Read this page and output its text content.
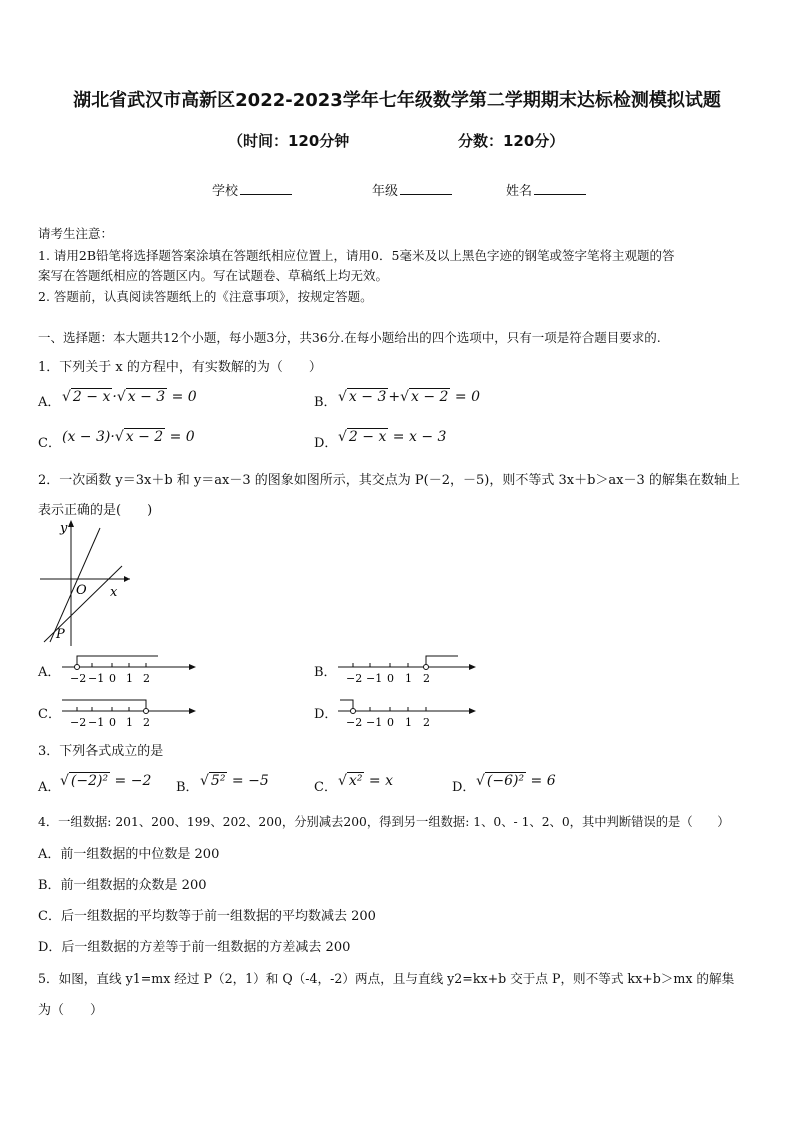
湖北省武汉市高新区2022-2023学年七年级数学第二学期期末达标检测模拟试题
（时间：120分钟	分数：120分）
学校	年级	姓名
请考生注意：
1. 请用2B铅笔将选择题答案涂填在答题纸相应位置上，请用0．5毫米及以上黑色字迹的钢笔或签字笔将主观题的答
案写在答题纸相应的答题区内。写在试题卷、草稿纸上均无效。
2. 答题前，认真阅读答题纸上的《注意事项》，按规定答题。
一、选择题：本大题共12个小题，每小题3分，共36分.在每小题给出的四个选项中，只有一项是符合题目要求的.
1．下列关于 x 的方程中，有实数解的为（　　）
A． √ 2 − x ·√ x − 3 = 0	B． √ x − 3 +√ x − 2 = 0
C． (x − 3)·√ x − 2 = 0	D． √ 2 − x = x − 3
2．一次函数 y＝3x＋b 和 y＝ax－3 的图象如图所示，其交点为 P(－2，－5)，则不等式 3x＋b＞ax－3 的解集在数轴上
表示正确的是(　　)
y
x
O
P
A． −2 −1 0 1 2	B． −2 −1 0 1 2
C．
−2 −1 0 1 2
D．
−2 −1 0 1 2
3．下列各式成立的是
A． √ (−2)² = −2 B． √ 5² = −5	C． √ x² = x	D． √ (−6)² = 6
4．一组数据: 201、200、199、202、200，分别减去200，得到另一组数据: 1、0、- 1、2、0，其中判断错误的是（　　）
A．前一组数据的中位数是 200
B．前一组数据的众数是 200
C．后一组数据的平均数等于前一组数据的平均数减去 200
D．后一组数据的方差等于前一组数据的方差减去 200
5．如图，直线 y1=mx 经过 P（2，1）和 Q（-4，-2）两点，且与直线 y2=kx+b 交于点 P，则不等式 kx+b＞mx 的解集
为（　　）
